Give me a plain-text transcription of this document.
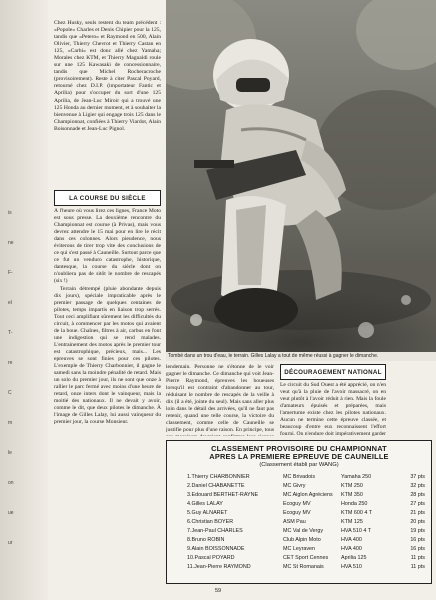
Chez Husky, seuls restent du team précédent : «Popole» Charles et Denis Chipier pour la 125, tandis que «Petero» et Raymond en 500, Alain Olivier, Thierry Chevrot et Thierry Castan en 125, «Carbi» est donc allé chez Yamaha; Morales chez KTM, et Thierry Magnaldi roule sur une 125 Kawasaki de concessionnaire, tandis que Michel Rocheracroche (provisoirement). Reste à citer Pascal Poyard, retourné chez D.I.P. (importateur Fantic et Aprilia) pour s'occuper du sort d'une 125 Aprilia, de Jean-Luc Miroir qui a trouvé une 125 Honda au dernier moment, et à souhaiter la bienvenue à Ligier qui engage trois 125 dans le Championnat, confiées à Thierry Viardot, Alain Boisonnade et Jean-Luc Pignol.

LA COURSE DU SIÈCLE

À l'heure où vous lirez ces lignes, France Moto est sous presse. La deuxième rencontre du Championnat est courue (à Privas), mais vous devrez attendre le 15 mai pour en lire le récit dans ces colonnes. Alors pieudence, nous éviterons de tirer trop vite des conclusions de ce qui s'est passé à Cauneille. Surtout parce que ce fut un vendurо catastrophe, historique, dantesque, la course du siècle dont on n'oubliera pas de sitôt le nombre de rescapés (six !)

Terrain détrempé (pluie abondante depuis dix jours), spéciale impraticable après le premier passage de quelques centaines de pilotes, temps impartis en liaison trop serrés. Tout ceci amplifiant sûrement les difficultés du circuit, à commencer par les motos qui avaient de la boue. Chaînes, filtres à air, carbus en font une indigestion qui se rend malades. L'entrainement des motos après le premier tour est catastrophique, précieux, mais... Les epreuves se sont finies pour ces pilotes. L'exemple de Thierry Charbonnier, il gagne le samedi sans la moindre pénalité de retard. Mais un solo du premier jour, ils ne sont que onze à rallier le parc fermé avec moins d'une heure de retard, onze inters dont le vainqueur, mais la moitié des nationaux. Il ne devait y avoir, comme le dit, que deux pilotes le dimanche. À l'image de Gilles Lalay, lui aussi vainqueur du premier jour, la course Monsieur.

Tombé dans un trou d'eau, le terrain. Gilles Lalay a tout de même réussi à gagner le dimanche.

lendemain. Personne ne s'étonne de le voir gagner le dimanche. Ce dimanche qui voit Jean-Pierre Raymond, épreuves les boueuses lorsqu'il est contraint d'abandonner au tour, réduisant le nombre de rescapés de la veille à dix (il a été, jointe du seul). Mais sans aller plus loin dans le détail des arrivées, qu'il ne faut pas retenir, quand une telle course, la victoire du classement, comme celle de Cauneille se justifie pour plus d'une raison. En principe, tous

DÉCOURAGEMENT NATIONAL

Le circuit du Sud Ouest a été apprécié, on n'en veut qu'à la pluie de l'avoir massacré, on en veut plutôt à l'avoir réduit à rien. Mais la foule d'amateurs épuisés et préparées, mais l'amertume existe chez les pilotes nationaux. Aucun ne termine cette épreuve classée, et beaucoup d'entre eux reconnaissent l'effort fourni. On n'endure doit impérativement garder

CLASSEMENT PROVISOIRE DU CHAMPIONNAT
APRES LA PREMIERE EPREUVE DE CAUNEILLE
(Classement établi par WANG)
1.Thierry CHARBONNIER	MC Brivadois	Yamaha 250	37 pts
2.Daniel CHABANETTE	MC Givry	KTM 250	32 pts
3.Edouard BERTHET-RAYNE	MC Aiglon Agréciens	KTM 350	28 pts
4.Gilles LALAY	Ecoguy MV	Honda 250	27 pts
5.Guy ALNARET	Ecoguy MV	KTM 600 4 T	21 pts
6.Christian BOYER	ASM Pau	KTM 125	20 pts
7.Jean-Paul CHARLES	MC Val de Vergy	HVA 510 4 T	19 pts
8.Bruno ROBIN	Club Alpin Moto	HVA 400	16 pts
9.Alain BOISSONNADE	MC Leyraven	HVA 400	16 pts
10.Pascal POYARD	CET Sport Cennes	Aprilia 125	11 pts
11.Jean-Pierre RAYMOND	MC St Romanais	HVA 510	11 pts
is
ne
F-
el
T-
re
C
m
le
on
ue
ur
59
